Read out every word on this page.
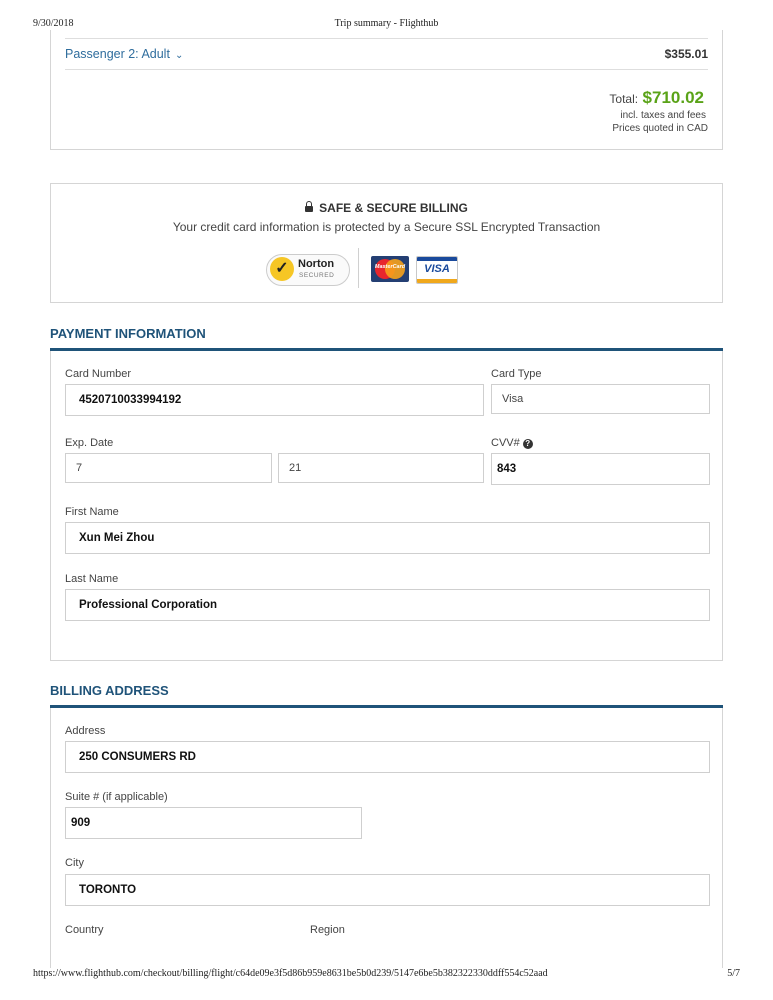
9/30/2018	Trip summary - Flighthub
Passenger 2: Adult ⌄	$355.01
Total: $710.02
incl. taxes and fees
Prices quoted in CAD
SAFE & SECURE BILLING
Your credit card information is protected by a Secure SSL Encrypted Transaction
✓ Norton
SECURED
MasterCard	VISA
PAYMENT INFORMATION
Card Number
4520710033994192
Card Type
Visa
Exp. Date
7	21
CVV# ?
843
First Name
Xun Mei Zhou
Last Name
Professional Corporation
BILLING ADDRESS
Address
250 CONSUMERS RD
Suite # (if applicable)
909
City
TORONTO
Country	Region
https://www.flighthub.com/checkout/billing/flight/c64de09e3f5d86b959e8631be5b0d239/5147e6be5b382322330ddff554c52aad	5/7
